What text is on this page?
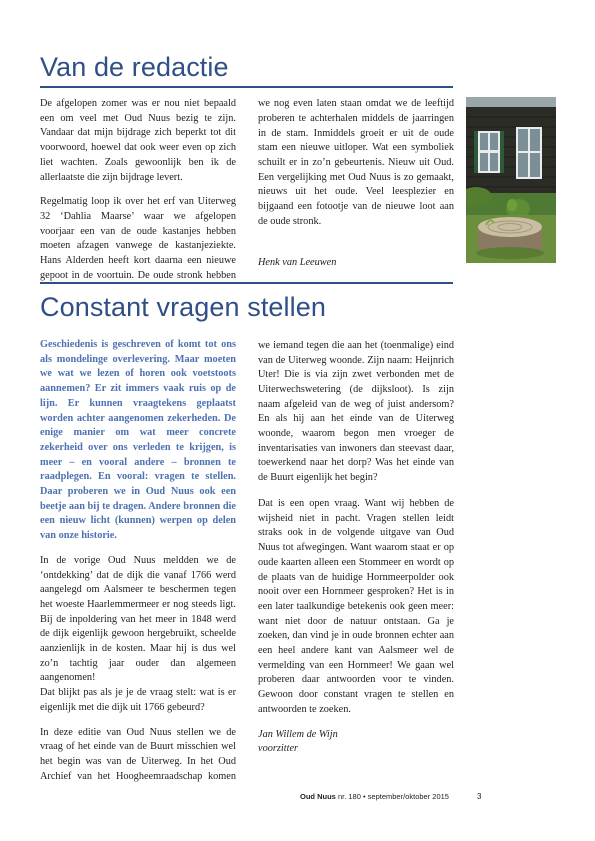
Van de redactie

De afgelopen zomer was er nou niet bepaald een om veel met Oud Nuus bezig te zijn. Vandaar dat mijn bijdrage zich beperkt tot dit voorwoord, hoewel dat ook weer even op zich liet wachten. Zoals gewoonlijk ben ik de allerlaatste die zijn bijdrage levert.

Regelmatig loop ik over het erf van Uiterweg 32 ‘Dahlia Maarse’ waar we afgelopen voorjaar een van de oude kastanjes hebben moeten afzagen vanwege de kastanjeziekte. Hans Alderden heeft kort daarna een nieuwe gepoot in de voortuin. De oude stronk hebben

we nog even laten staan omdat we de leeftijd proberen te achterhalen middels de jaarringen in de stam. Inmiddels groeit er uit de oude stam een nieuwe uitloper. Wat een symboliek schuilt er in zo’n gebeurtenis. Nieuw uit Oud. Een vergelijking met Oud Nuus is zo gemaakt, nieuws uit het oude. Veel leesplezier en bijgaand een fotootje van de nieuwe loot aan de oude stronk.

Henk van Leeuwen

Constant vragen stellen

Geschiedenis is geschreven of komt tot ons als mondelinge overlevering. Maar moeten we wat we lezen of horen ook voetstoots aannemen? Er zit immers vaak ruis op de lijn. Er kunnen vraagtekens geplaatst worden achter aangenomen zekerheden. De enige manier om wat meer concrete zekerheid over ons verleden te krijgen, is meer – en vooral andere – bronnen te raadplegen. En vooral: vragen te stellen. Daar proberen we in Oud Nuus ook een beetje aan bij te dragen. Andere bronnen die een nieuw licht (kunnen) werpen op delen van onze historie.

In de vorige Oud Nuus meldden we de ‘ontdekking’ dat de dijk die vanaf 1766 werd aangelegd om Aalsmeer te beschermen tegen het woeste Haarlemmermeer er nog steeds ligt. Bij de inpoldering van het meer in 1848 werd de dijk eigenlijk gewoon hergebruikt, scheelde aanzienlijk in de kosten. Maar hij is dus wel zo’n tachtig jaar ouder dan algemeen aangenomen!

Dat blijkt pas als je je de vraag stelt: wat is er eigenlijk met die dijk uit 1766 gebeurd?

In deze editie van Oud Nuus stellen we de vraag of het einde van de Buurt misschien wel het begin was van de Uiterweg. In het Oud Archief van het Hoogheemraadschap komen

we iemand tegen die aan het (toenmalige) eind van de Uiterweg woonde. Zijn naam: Heijnrich Uter! Die is via zijn zwet verbonden met de Uiterwechswetering (de dijksloot). Is zijn naam afgeleid van de weg of juist andersom? En als hij aan het einde van de Uiterweg woonde, waarom begon men vroeger de inventarisaties van inwoners dan steevast daar, toewerkend naar het dorp? Was het einde van de Buurt eigenlijk het begin?

Dat is een open vraag. Want wij hebben de wijsheid niet in pacht. Vragen stellen leidt straks ook in de volgende uitgave van Oud Nuus tot afwegingen. Want waarom staat er op oude kaarten alleen een Stommeer en wordt op de plaats van de huidige Hornmeerpolder ook nooit over een Hornmeer gesproken? Het is in een later taalkundige betekenis ook geen meer: want niet door de natuur ontstaan. Ga je zoeken, dan vind je in oude bronnen echter aan een heel andere kant van Aalsmeer wel de vermelding van een Hornmeer! We gaan wel proberen daar antwoorden voor te vinden. Gewoon door constant vragen te stellen en antwoorden te zoeken.

Jan Willem de Wijn

voorzitter

Oud Nuus nr. 180 • september/oktober 2015	3
